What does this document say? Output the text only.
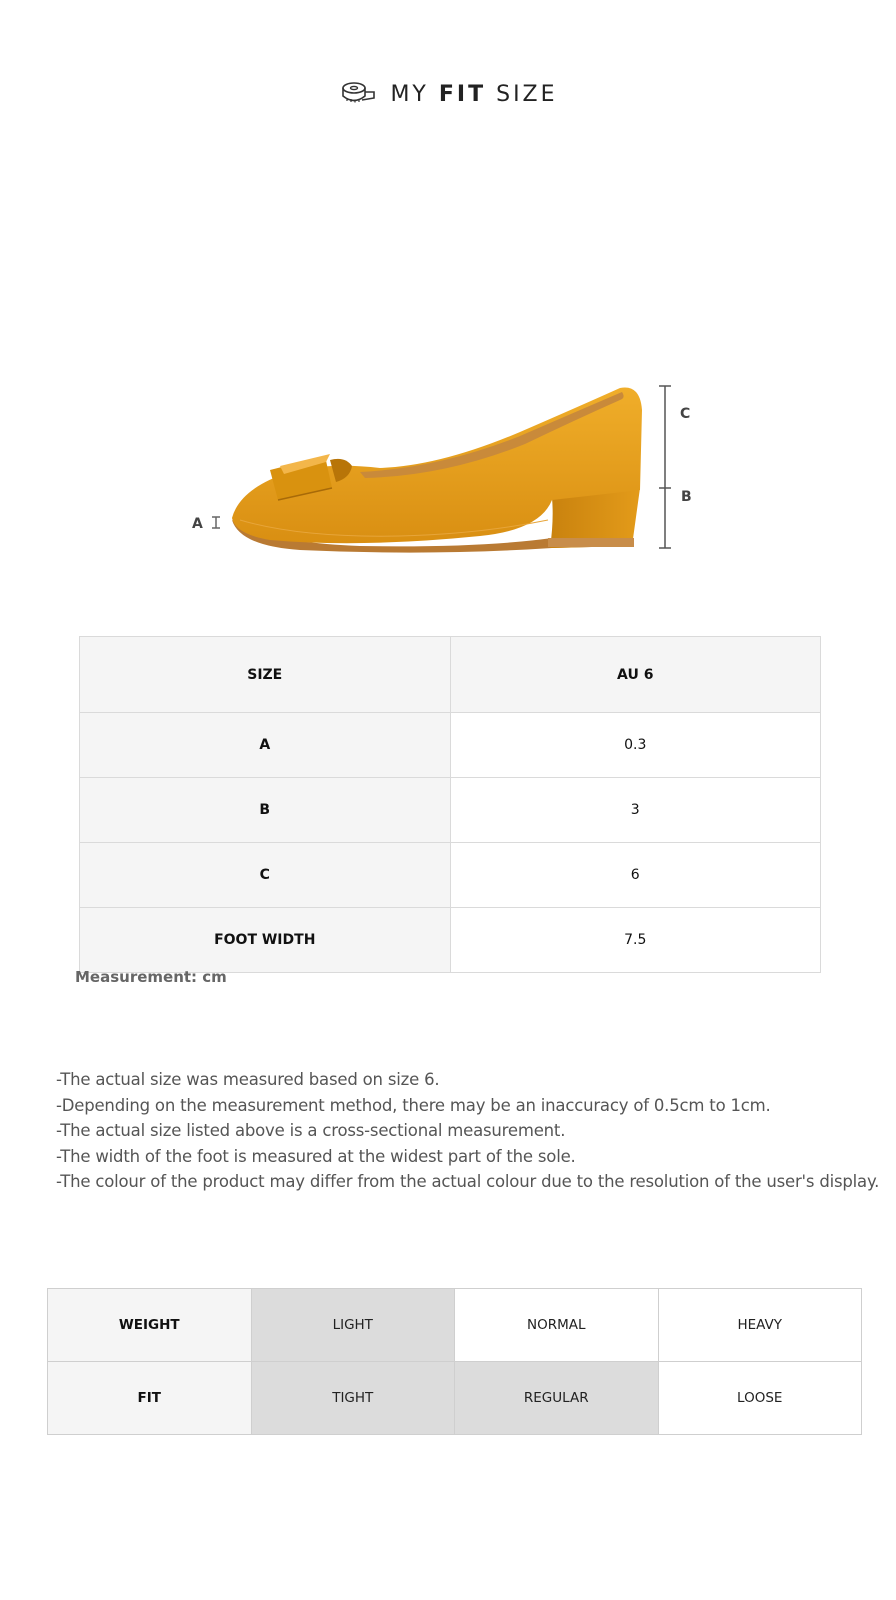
MY FIT SIZE
A
C
B
SIZE	AU 6
A	0.3
B	3
C	6
FOOT WIDTH	7.5
Measurement: cm
-The actual size was measured based on size 6.
-Depending on the measurement method, there may be an inaccuracy of 0.5cm to 1cm.
-The actual size listed above is a cross-sectional measurement.
-The width of the foot is measured at the widest part of the sole.
-The colour of the product may differ from the actual colour due to the resolution of the user's display.
WEIGHT	LIGHT	NORMAL	HEAVY
FIT	TIGHT	REGULAR	LOOSE
